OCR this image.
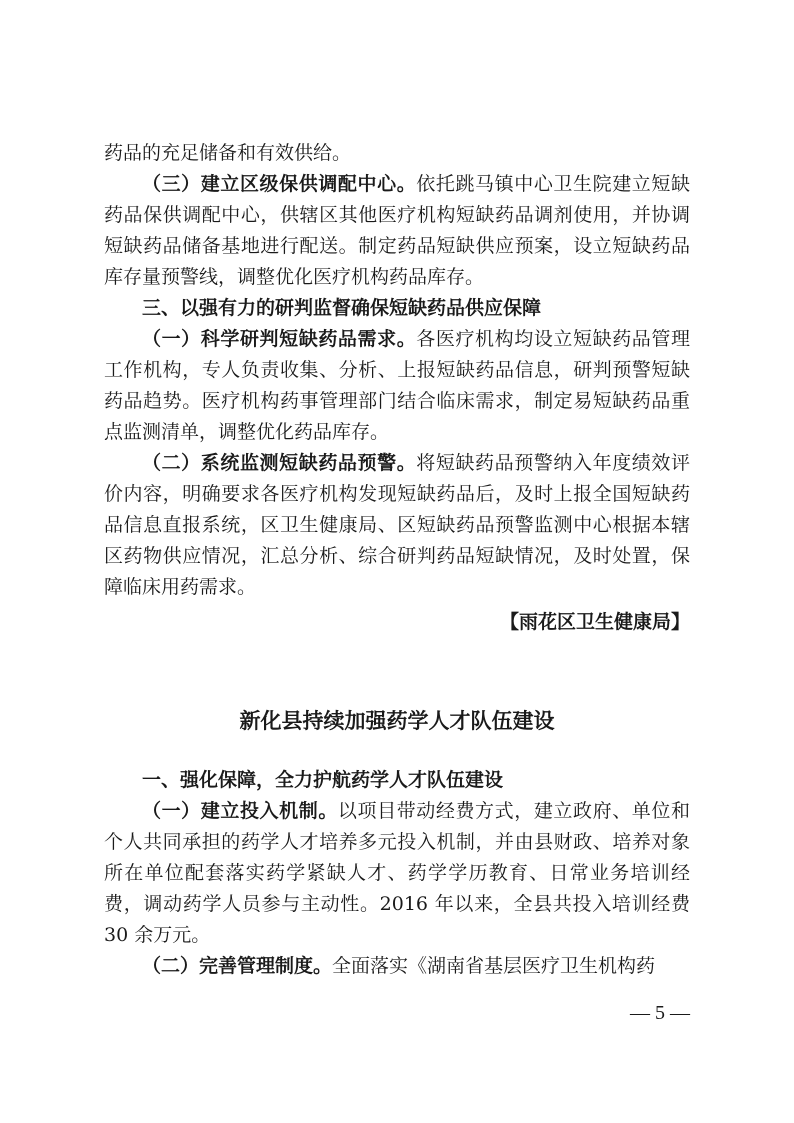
药品的充足储备和有效供给。

（三）建立区级保供调配中心。依托跳马镇中心卫生院建立短缺药品保供调配中心，供辖区其他医疗机构短缺药品调剂使用，并协调短缺药品储备基地进行配送。制定药品短缺供应预案，设立短缺药品库存量预警线，调整优化医疗机构药品库存。

三、以强有力的研判监督确保短缺药品供应保障

（一）科学研判短缺药品需求。各医疗机构均设立短缺药品管理工作机构，专人负责收集、分析、上报短缺药品信息，研判预警短缺药品趋势。医疗机构药事管理部门结合临床需求，制定易短缺药品重点监测清单，调整优化药品库存。

（二）系统监测短缺药品预警。将短缺药品预警纳入年度绩效评价内容，明确要求各医疗机构发现短缺药品后，及时上报全国短缺药品信息直报系统，区卫生健康局、区短缺药品预警监测中心根据本辖区药物供应情况，汇总分析、综合研判药品短缺情况，及时处置，保障临床用药需求。

【雨花区卫生健康局】

新化县持续加强药学人才队伍建设

一、强化保障，全力护航药学人才队伍建设

（一）建立投入机制。以项目带动经费方式，建立政府、单位和个人共同承担的药学人才培养多元投入机制，并由县财政、培养对象所在单位配套落实药学紧缺人才、药学学历教育、日常业务培训经费，调动药学人员参与主动性。2016 年以来，全县共投入培训经费 30 余万元。

（二）完善管理制度。全面落实《湖南省基层医疗卫生机构药

— 5 —
